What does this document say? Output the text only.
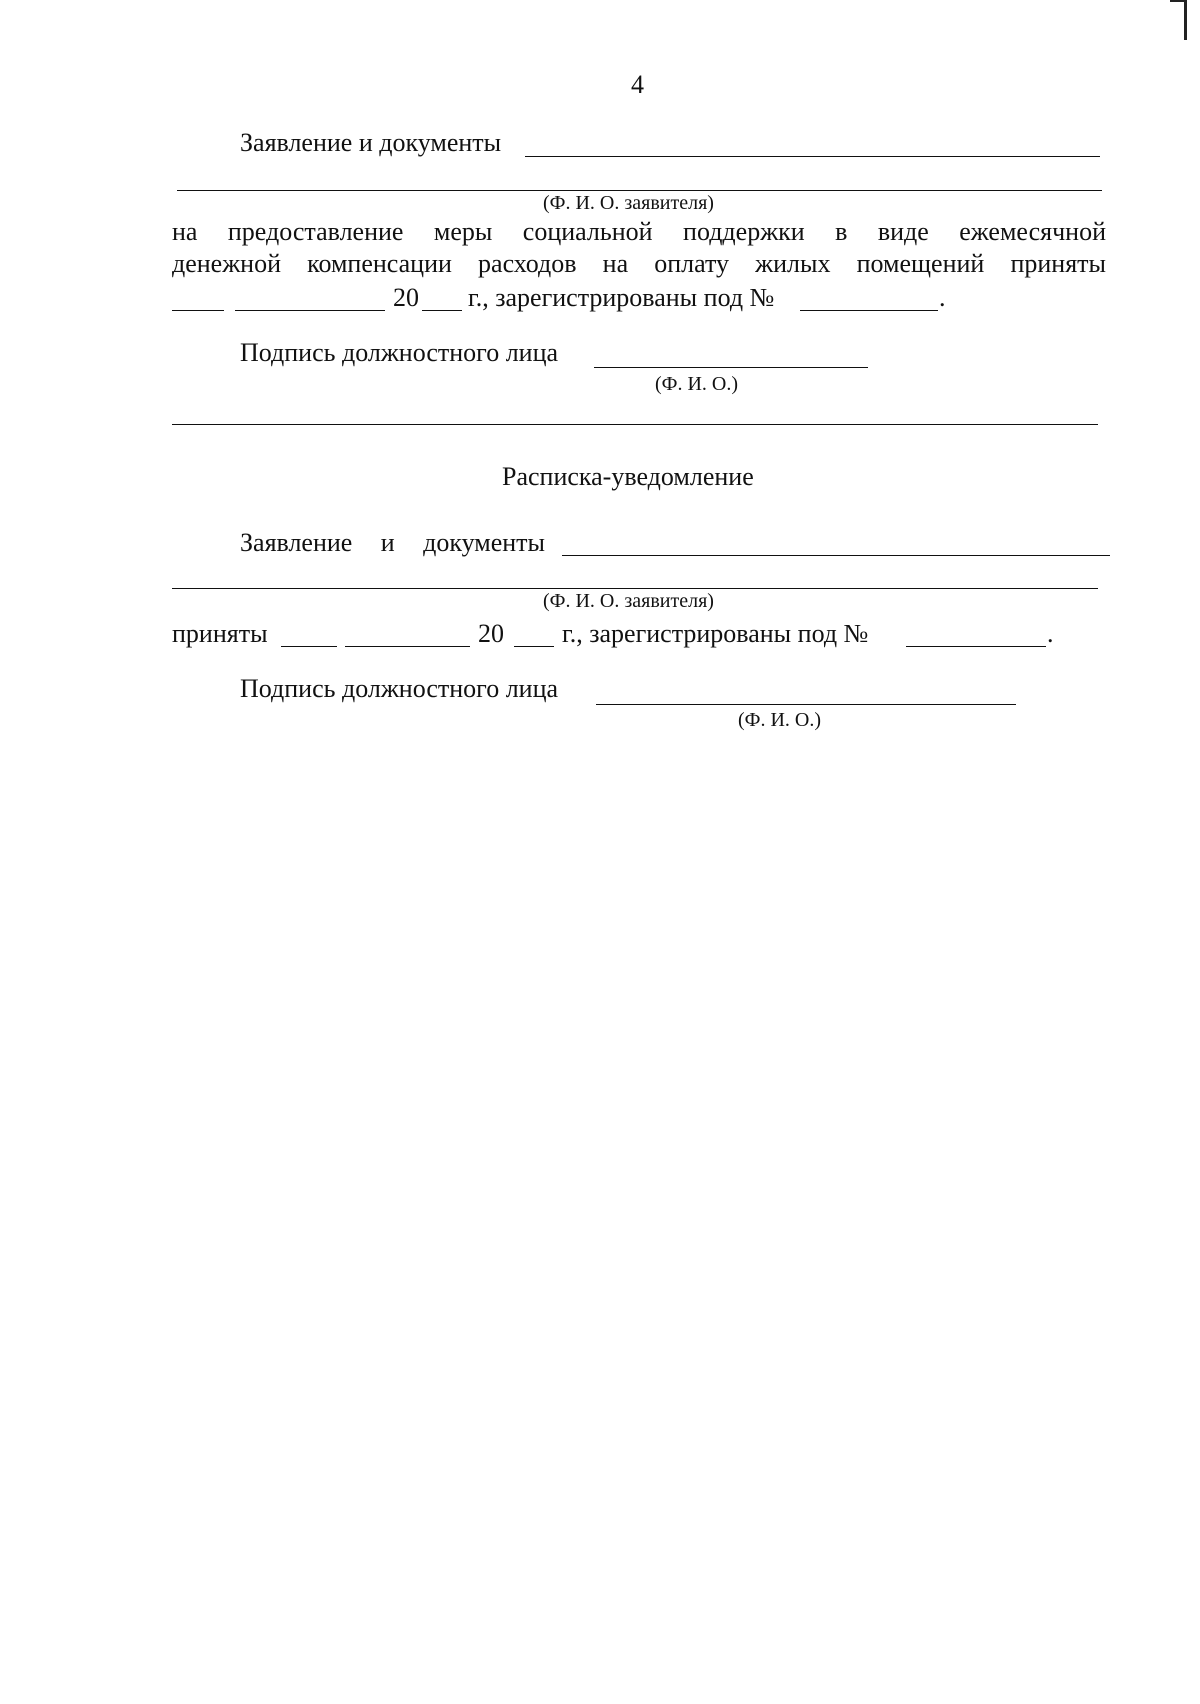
4
Заявление и документы
(Ф. И. О. заявителя)
на предоставление меры социальной поддержки в виде ежемесячной
денежной компенсации расходов на оплату жилых помещений приняты
20 г., зарегистрированы под №	.
Подпись должностного лица
(Ф. И. О.)
Расписка-уведомление
Заявление и документы
(Ф. И. О. заявителя)
приняты	20 г., зарегистрированы под №	.
Подпись должностного лица
(Ф. И. О.)
